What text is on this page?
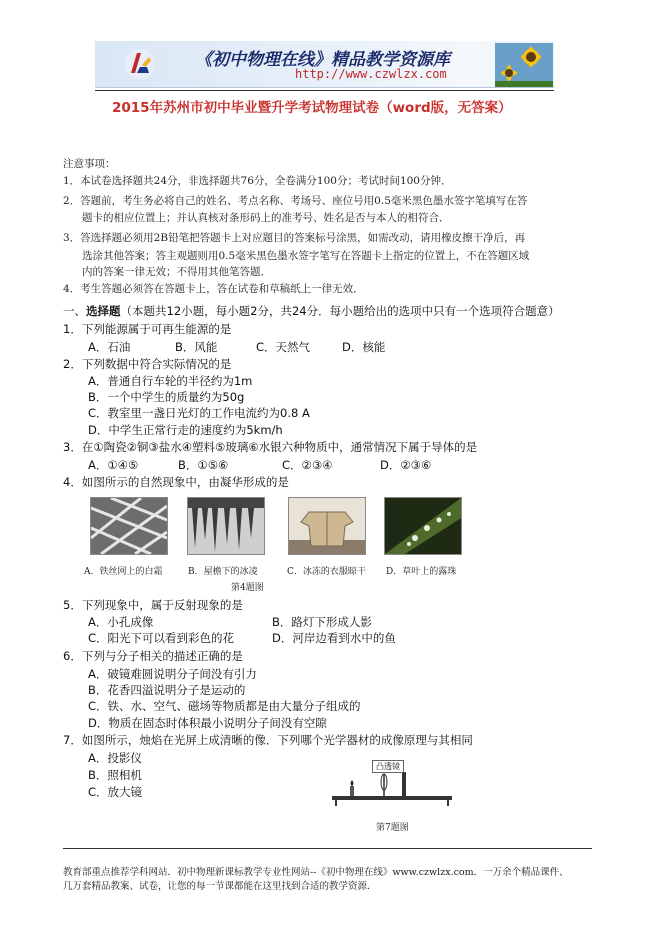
《初中物理在线》精品教学资源库
http://www.czwlzx.com
2015年苏州市初中毕业暨升学考试物理试卷（word版，无答案）
注意事项：
1．本试卷选择题共24分，非选择题共76分，全卷满分100分；考试时间100分钟．
2．答题前，考生务必将自己的姓名、考点名称、考场号、座位号用0.5毫米黑色墨水签字笔填写在答
题卡的相应位置上；并认真核对条形码上的准考号、姓名是否与本人的相符合．
3．答选择题必须用2B铅笔把答题卡上对应题目的答案标号涂黑，如需改动，请用橡皮擦干净后，再
选涂其他答案；答主观题则用0.5毫米黑色墨水签字笔写在答题卡上指定的位置上，不在答题区域
内的答案一律无效；不得用其他笔答题．
4．考生答题必须答在答题卡上，答在试卷和草稿纸上一律无效．
一、选择题（本题共12小题，每小题2分，共24分．每小题给出的选项中只有一个选项符合题意）
1．下列能源属于可再生能源的是
A．石油	B．风能	C．天然气	D．核能
2．下列数据中符合实际情况的是
A．普通自行车轮的半径约为1m
B．一个中学生的质量约为50g
C．教室里一盏日光灯的工作电流约为0.8 A
D．中学生正常行走的速度约为5km/h
3．在①陶瓷②铜③盐水④塑料⑤玻璃⑥水银六种物质中，通常情况下属于导体的是
A．①④⑤	B．①⑤⑥	C．②③④	D．②③⑥
4．如图所示的自然现象中，由凝华形成的是
A．铁丝网上的白霜	B．屋檐下的冰凌	C．冰冻的衣服晾干 D．草叶上的露珠
第4题图
5．下列现象中，属于反射现象的是
A．小孔成像	B．路灯下形成人影
C．阳光下可以看到彩色的花	D．河岸边看到水中的鱼
6．下列与分子相关的描述正确的是
A．破镜难圆说明分子间没有引力
B．花香四溢说明分子是运动的
C．铁、水、空气、磁场等物质都是由大量分子组成的
D．物质在固态时体积最小说明分子间没有空隙
7．如图所示，烛焰在光屏上成清晰的像．下列哪个光学器材的成像原理与其相同
A．投影仪
B．照相机
C．放大镜
凸透镜
第7题图
教育部重点推荐学科网站．初中物理新课标教学专业性网站--《初中物理在线》www.czwlzx.com．一万余个精品课件、
几万套精品教案、试卷，让您的每一节课都能在这里找到合适的教学资源．
